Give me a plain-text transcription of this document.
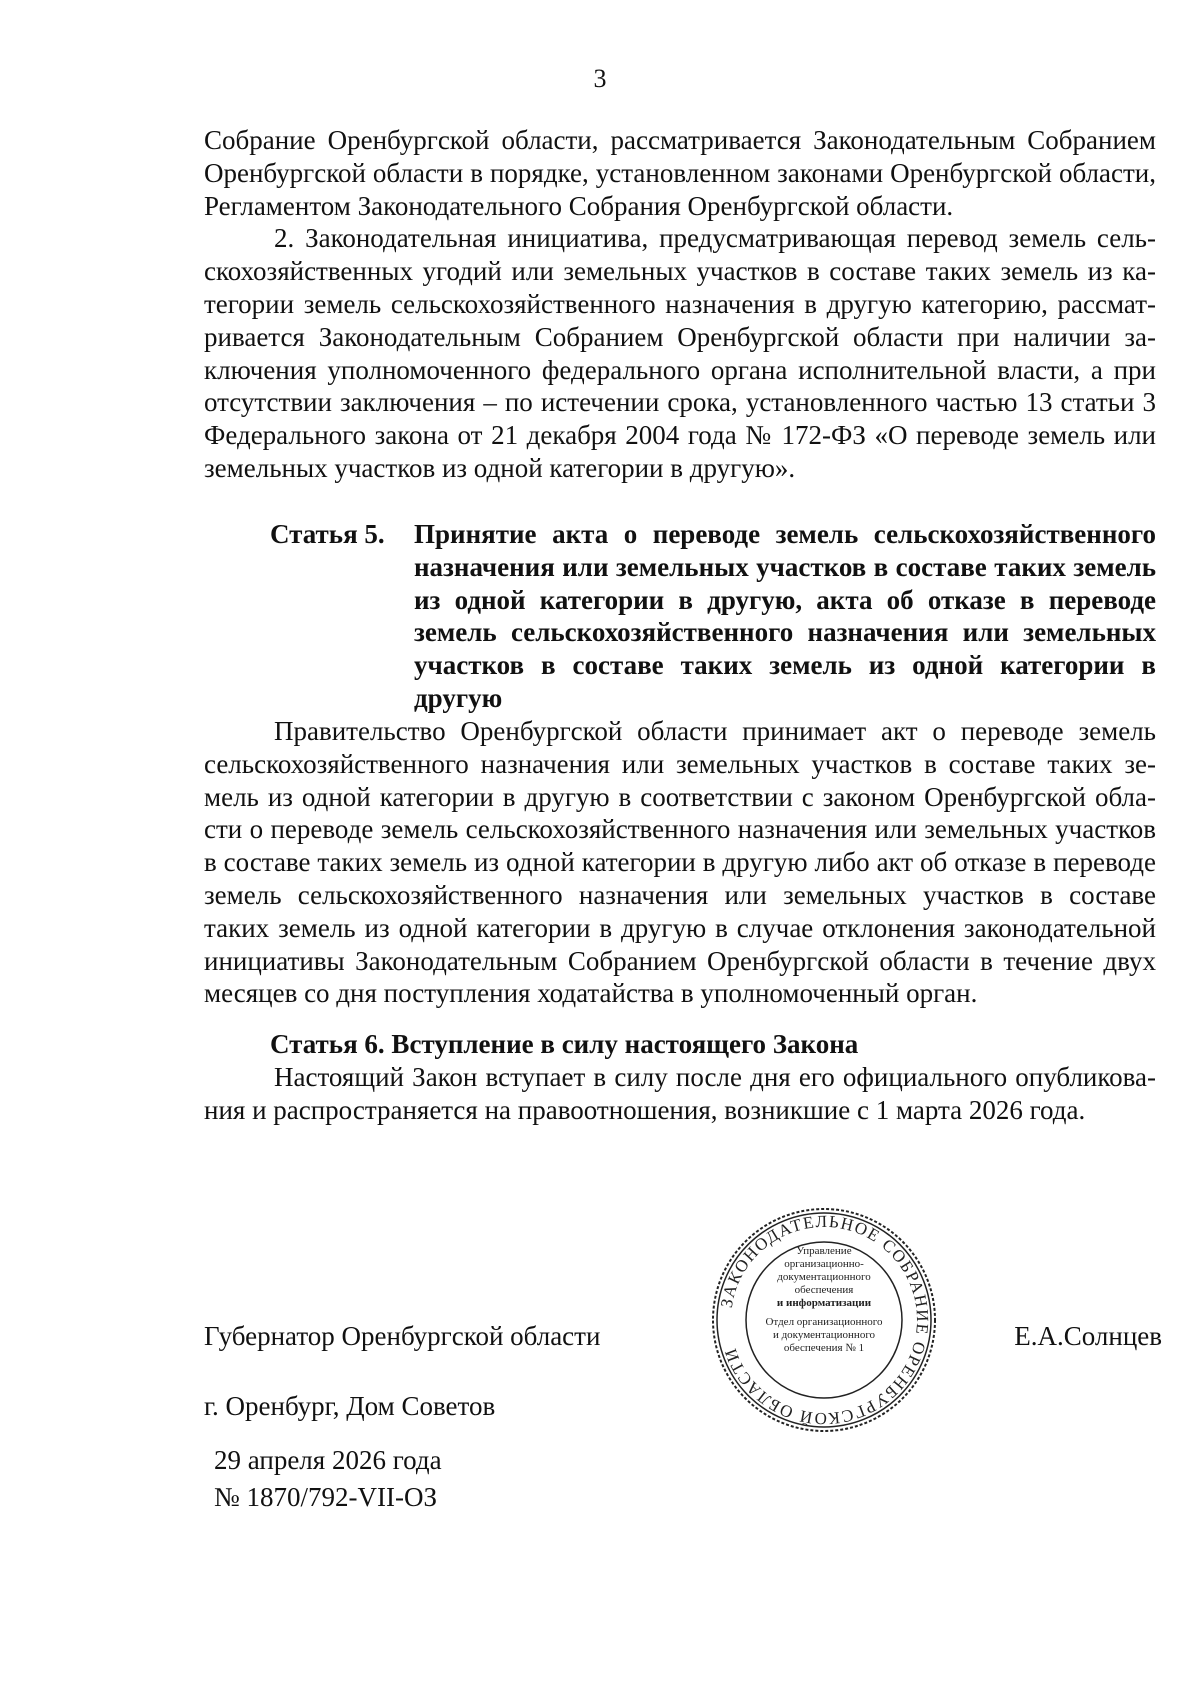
3

Собрание Оренбургской области, рассматривается Законодательным Собранием Оренбургской области в порядке, установленном законами Оренбургской области, Регламентом Законодательного Собрания Оренбургской области.

2. Законодательная инициатива, предусматривающая перевод земель сельскохозяйственных угодий или земельных участков в составе таких земель из категории земель сельскохозяйственного назначения в другую категорию, рассматривается Законодательным Собранием Оренбургской области при наличии заключения уполномоченного федерального органа исполнительной власти, а при отсутствии заключения – по истечении срока, установленного частью 13 статьи 3 Федерального закона от 21 декабря 2004 года № 172-ФЗ «О переводе земель или земельных участков из одной категории в другую».

Статья 5. Принятие акта о переводе земель сельскохозяйственного назначения или земельных участков в составе таких земель из одной категории в другую, акта об отказе в переводе земель сельскохозяйственного назначения или земельных участков в составе таких земель из одной категории в другую

Правительство Оренбургской области принимает акт о переводе земель сельскохозяйственного назначения или земельных участков в составе таких земель из одной категории в другую в соответствии с законом Оренбургской области о переводе земель сельскохозяйственного назначения или земельных участков в составе таких земель из одной категории в другую либо акт об отказе в переводе земель сельскохозяйственного назначения или земельных участков в составе таких земель из одной категории в другую в случае отклонения законодательной инициативы Законодательным Собранием Оренбургской области в течение двух месяцев со дня поступления ходатайства в уполномоченный орган.

Статья 6. Вступление в силу настоящего Закона

Настоящий Закон вступает в силу после дня его официального опубликования и распространяется на правоотношения, возникшие с 1 марта 2026 года.

Губернатор Оренбургской области	Е.А.Солнцев
г. Оренбург, Дом Советов
29 апреля 2026 года
№ 1870/792-VII-ОЗ
ЗАКОНОДАТЕЛЬНОЕ СОБРАНИЕ ОРЕНБУРГСКОЙ ОБЛАСТИ
Управление
организационно-
документационного
обеспечения
и информатизации
Отдел организационного
и документационного
обеспечения № 1
